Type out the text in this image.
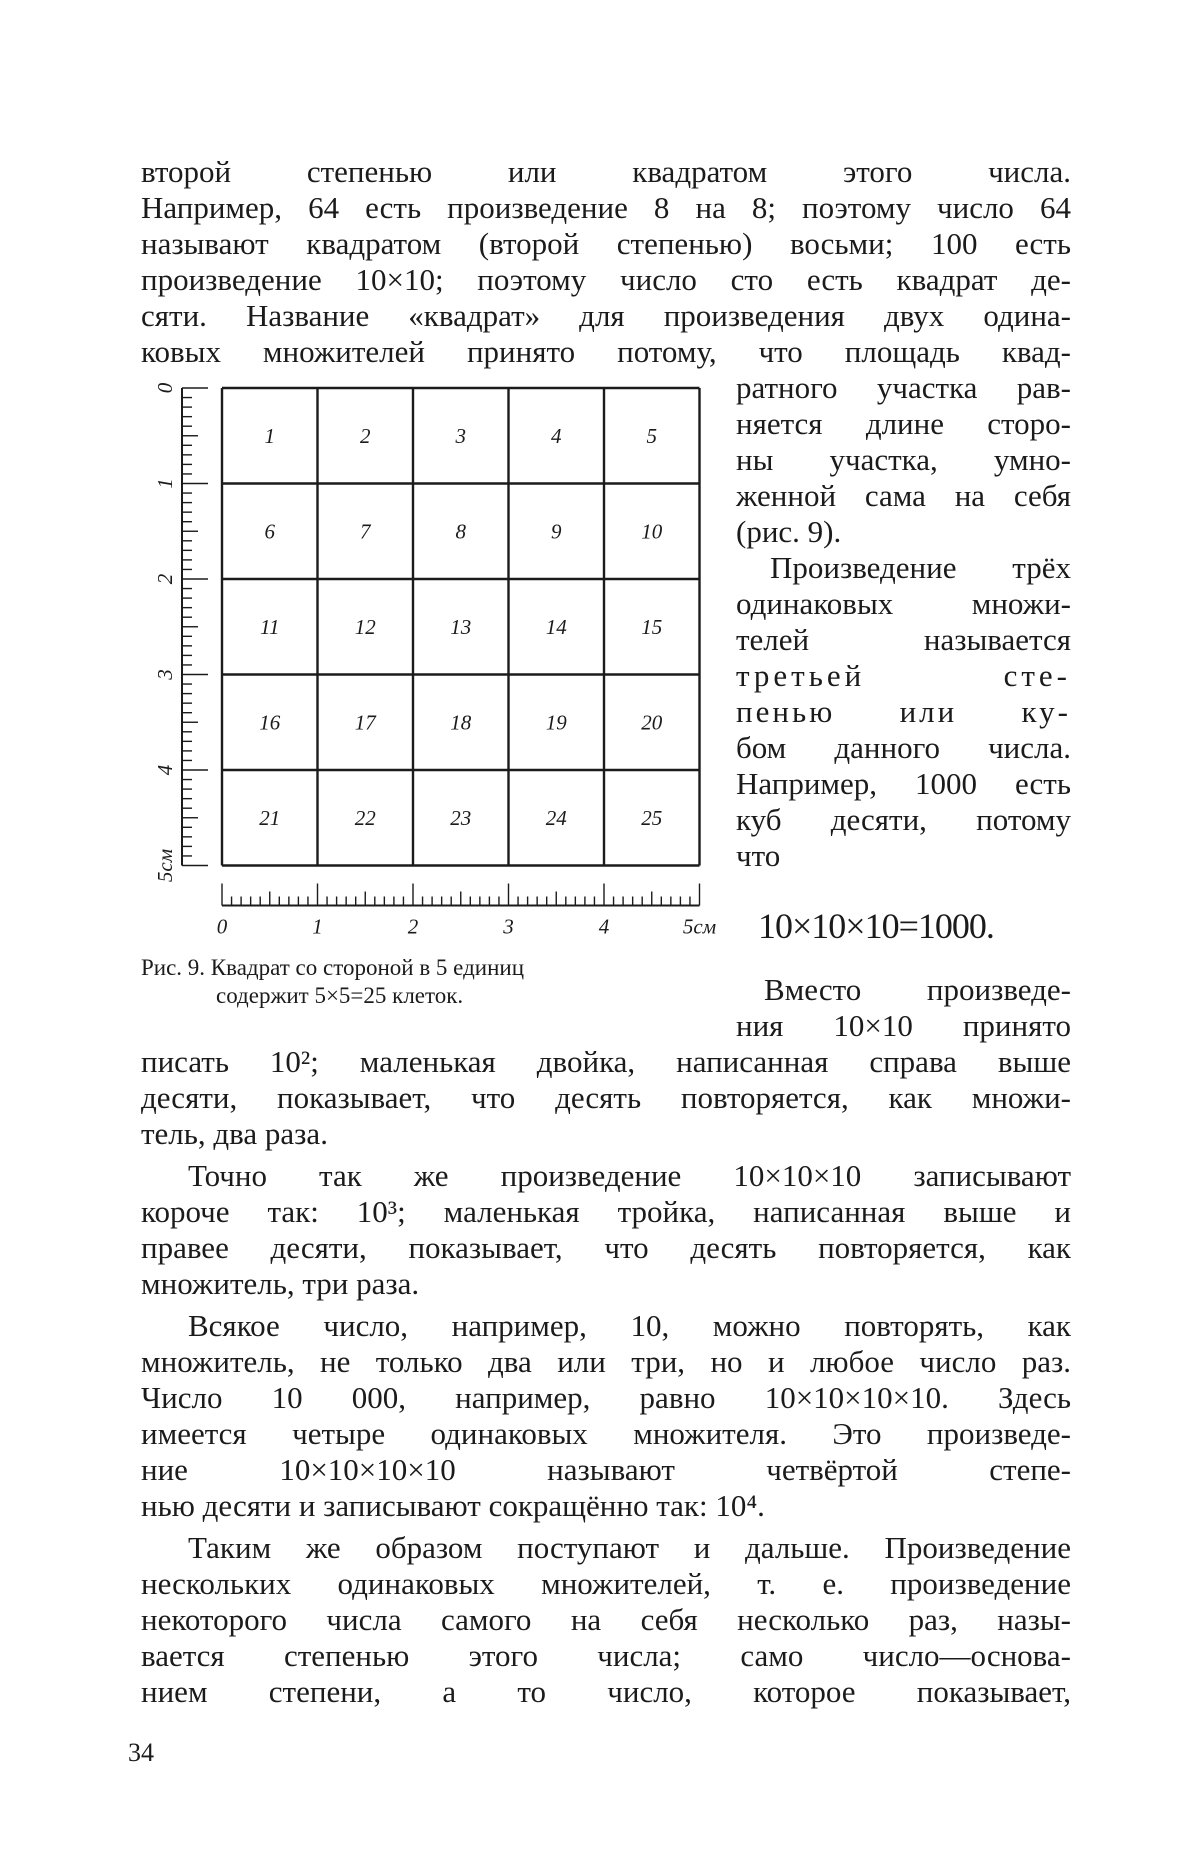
второй степенью или квадратом этого числа.

Например, 64 есть произведение 8 на 8; поэтому число 64

называют квадратом (второй степенью) восьми; 100 есть

произведение 10×10; поэтому число сто есть квадрат де-

сяти. Название «квадрат» для произведения двух одина-

ковых множителей принято потому, что площадь квад-

ратного участка рав-

няется длине сторо-

ны участка, умно-

женной сама на себя

(рис. 9).

Произведение трёх

одинаковых множи-

телей называется

третьей сте-

пенью или ку-

бом данного числа.

Например, 1000 есть

куб десяти, потому

что

10×10×10=1000.
1	2	3	4	5
6	7	8	9	10
11	12	13	14	15
16	17	18	19	20
21	22	23	24	25
0	1	2	3	4	5см
0
1
2
3
4
5см
Рис. 9. Квадрат со стороной в 5 единиц
содержит 5×5=25 клеток.	Вместо произведе-

ния 10×10 принято

писать 10²; маленькая двойка, написанная справа выше

десяти, показывает, что десять повторяется, как множи-

тель, два раза.

Точно так же произведение 10×10×10 записывают

короче так: 10³; маленькая тройка, написанная выше и

правее десяти, показывает, что десять повторяется, как

множитель, три раза.

Всякое число, например, 10, можно повторять, как

множитель, не только два или три, но и любое число раз.

Число 10 000, например, равно 10×10×10×10. Здесь

имеется четыре одинаковых множителя. Это произведе-

ние 10×10×10×10 называют четвёртой степе-

нью десяти и записывают сокращённо так: 10⁴.

Таким же образом поступают и дальше. Произведение

нескольких одинаковых множителей, т. е. произведение

некоторого числа самого на себя несколько раз, назы-

вается степенью этого числа; само число—основа-

нием степени, а то число, которое показывает,

34
